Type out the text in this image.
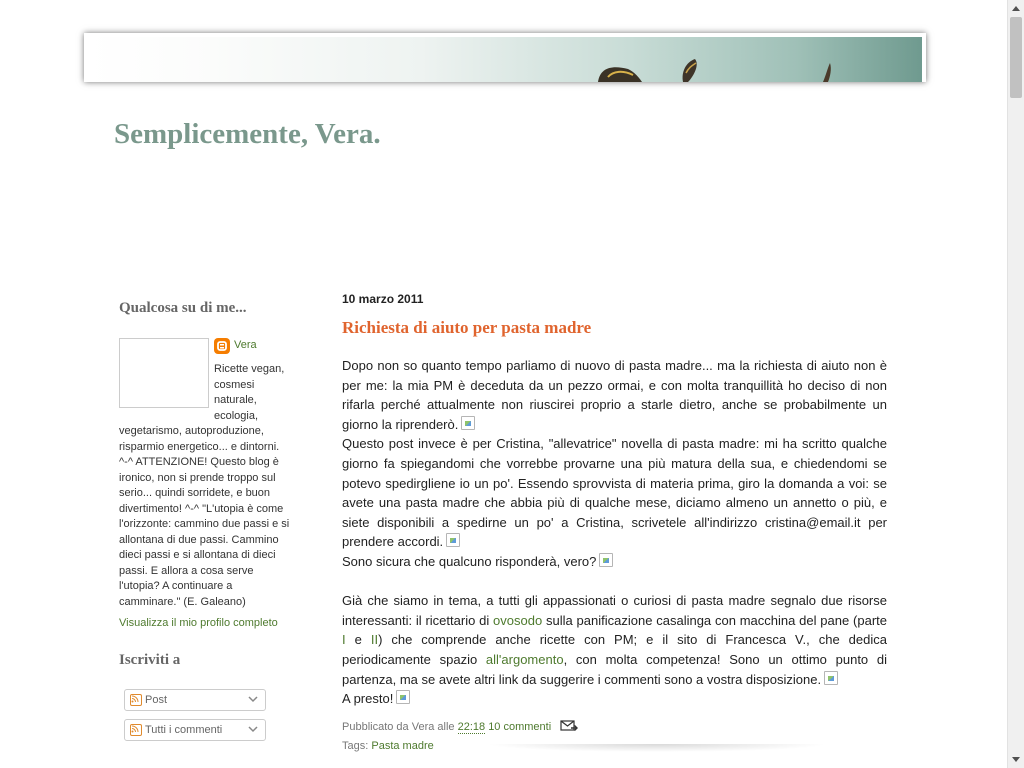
Semplicemente, Vera.
Qualcosa su di me...
Vera
Ricette vegan, cosmesi naturale, ecologia, vegetarismo, autoproduzione, risparmio energetico... e dintorni. ^-^ ATTENZIONE! Questo blog è ironico, non si prende troppo sul serio... quindi sorridete, e buon divertimento! ^-^ "L'utopia è come l'orizzonte: cammino due passi e si allontana di due passi. Cammino dieci passi e si allontana di dieci passi. E allora a cosa serve l'utopia? A continuare a camminare." (E. Galeano)
Visualizza il mio profilo completo
Iscriviti a
Post
Tutti i commenti
10 marzo 2011
Richiesta di aiuto per pasta madre

Dopo non so quanto tempo parliamo di nuovo di pasta madre... ma la richiesta di aiuto non è per me: la mia PM è deceduta da un pezzo ormai, e con molta tranquillità ho deciso di non rifarla perché attualmente non riuscirei proprio a starle dietro, anche se probabilmente un giorno la riprenderò.

Questo post invece è per Cristina, "allevatrice" novella di pasta madre: mi ha scritto qualche giorno fa spiegandomi che vorrebbe provarne una più matura della sua, e chiedendomi se potevo spedirgliene io un po'. Essendo sprovvista di materia prima, giro la domanda a voi: se avete una pasta madre che abbia più di qualche mese, diciamo almeno un annetto o più, e siete disponibili a spedirne un po' a Cristina, scrivetele all'indirizzo cristina@email.it per prendere accordi.

Sono sicura che qualcuno risponderà, vero?

Già che siamo in tema, a tutti gli appassionati o curiosi di pasta madre segnalo due risorse interessanti: il ricettario di ovosodo sulla panificazione casalinga con macchina del pane (parte I e II) che comprende anche ricette con PM; e il sito di Francesca V., che dedica periodicamente spazio all'argomento, con molta competenza! Sono un ottimo punto di partenza, ma se avete altri link da suggerire i commenti sono a vostra disposizione.

A presto!

Pubblicato da Vera alle 22:18 10 commenti
Tags: Pasta madre
